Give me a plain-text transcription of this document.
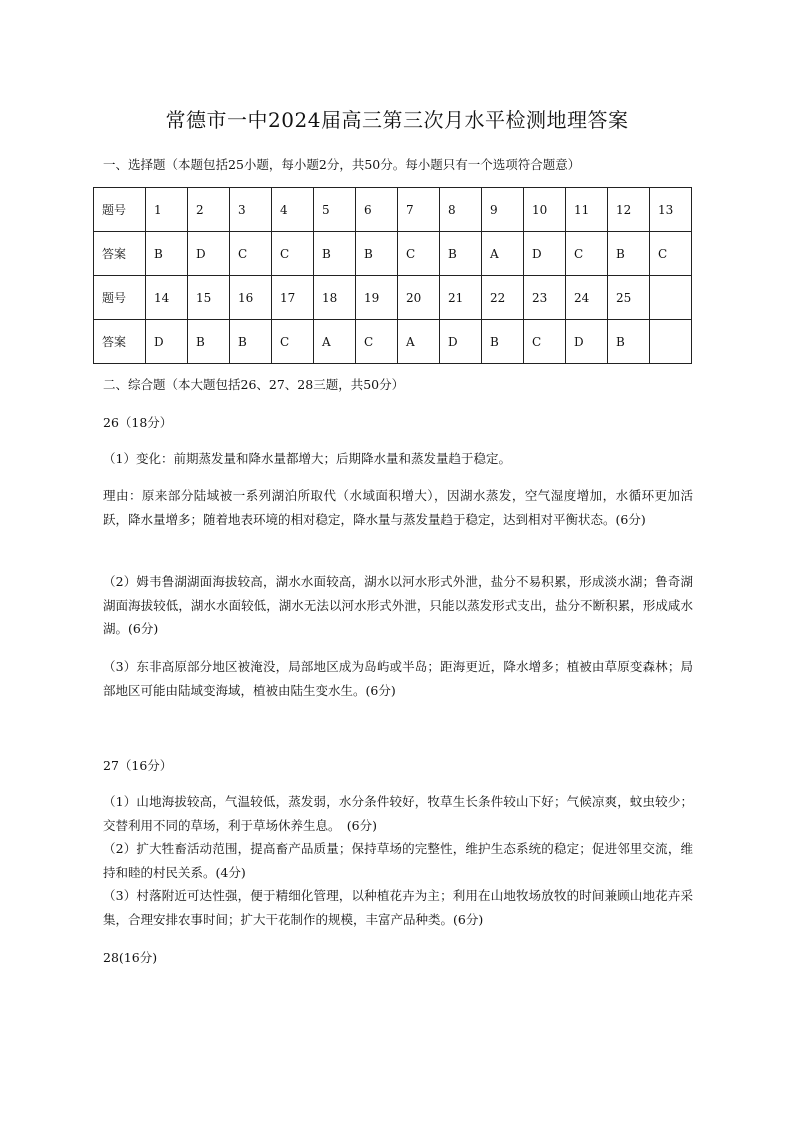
常德市一中2024届高三第三次月水平检测地理答案

一、选择题（本题包括25小题，每小题2分，共50分。每小题只有一个选项符合题意）

题号	1	2	3	4	5	6	7	8	9	10	11	12	13
答案	B	D	C	C	B	B	C	B	A	D	C	B	C
题号	14	15	16	17	18	19	20	21	22	23	24	25	
答案	D	B	B	C	A	C	A	D	B	C	D	B	

二、综合题（本大题包括26、27、28三题，共50分）

26（18分）

（1）变化：前期蒸发量和降水量都增大；后期降水量和蒸发量趋于稳定。

理由：原来部分陆域被一系列湖泊所取代（水域面积增大），因湖水蒸发，空气湿度增加，水循环更加活跃，降水量增多；随着地表环境的相对稳定，降水量与蒸发量趋于稳定，达到相对平衡状态。(6分)

（2）姆韦鲁湖湖面海拔较高，湖水水面较高，湖水以河水形式外泄，盐分不易积累，形成淡水湖；鲁奇湖湖面海拔较低，湖水水面较低，湖水无法以河水形式外泄，只能以蒸发形式支出，盐分不断积累，形成咸水湖。(6分)

（3）东非高原部分地区被淹没，局部地区成为岛屿或半岛；距海更近，降水增多；植被由草原变森林；局部地区可能由陆域变海域，植被由陆生变水生。(6分)

27（16分）

（1）山地海拔较高，气温较低，蒸发弱，水分条件较好，牧草生长条件较山下好；气候凉爽，蚊虫较少；交替利用不同的草场，利于草场休养生息。　(6分)

（2）扩大牲畜活动范围，提高畜产品质量；保持草场的完整性，维护生态系统的稳定；促进邻里交流，维持和睦的村民关系。(4分)

（3）村落附近可达性强，便于精细化管理，以种植花卉为主；利用在山地牧场放牧的时间兼顾山地花卉采集，合理安排农事时间；扩大干花制作的规模，丰富产品种类。(6分)

28(16分)
